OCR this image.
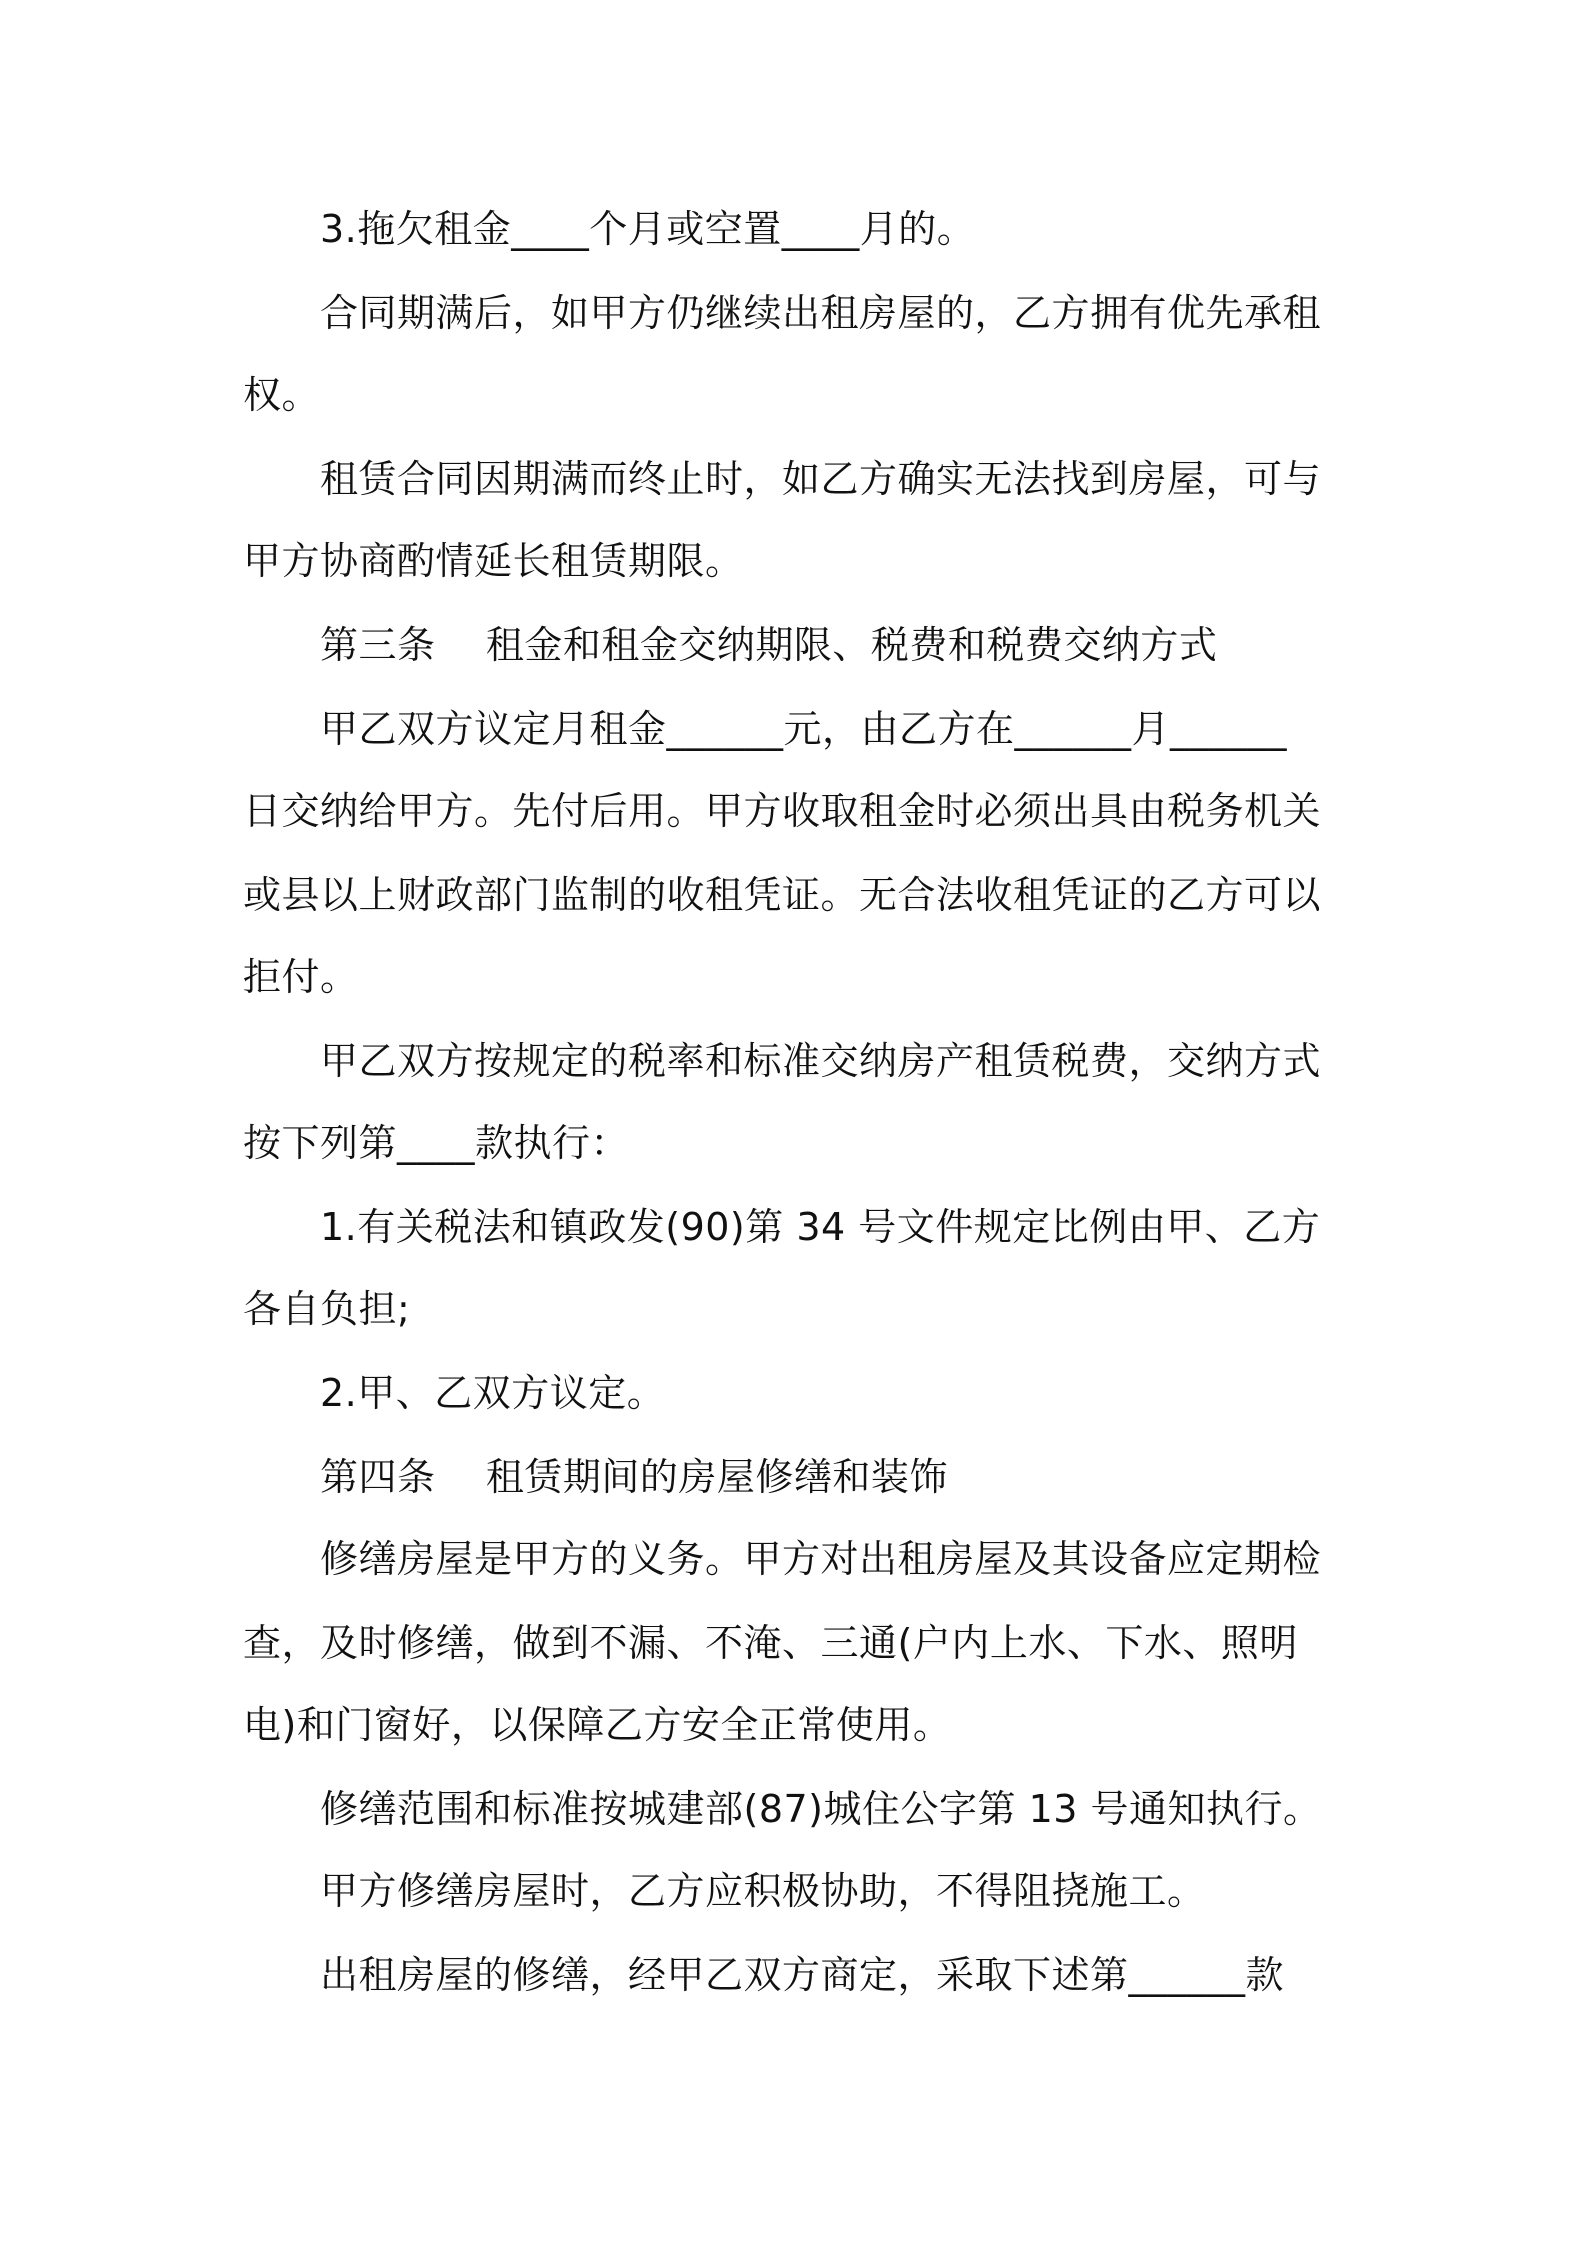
3.拖欠租金____个月或空置____月的。
合同期满后，如甲方仍继续出租房屋的，乙方拥有优先承租
权。
租赁合同因期满而终止时，如乙方确实无法找到房屋，可与
甲方协商酌情延长租赁期限。
第三条    租金和租金交纳期限、税费和税费交纳方式
甲乙双方议定月租金______元，由乙方在______月______
日交纳给甲方。先付后用。甲方收取租金时必须出具由税务机关
或县以上财政部门监制的收租凭证。无合法收租凭证的乙方可以
拒付。
甲乙双方按规定的税率和标准交纳房产租赁税费，交纳方式
按下列第____款执行：
1.有关税法和镇政发(90)第 34 号文件规定比例由甲、乙方
各自负担;
2.甲、乙双方议定。
第四条    租赁期间的房屋修缮和装饰
修缮房屋是甲方的义务。甲方对出租房屋及其设备应定期检
查，及时修缮，做到不漏、不淹、三通(户内上水、下水、照明
电)和门窗好，以保障乙方安全正常使用。
修缮范围和标准按城建部(87)城住公字第 13 号通知执行。
甲方修缮房屋时，乙方应积极协助，不得阻挠施工。
出租房屋的修缮，经甲乙双方商定，采取下述第______款
